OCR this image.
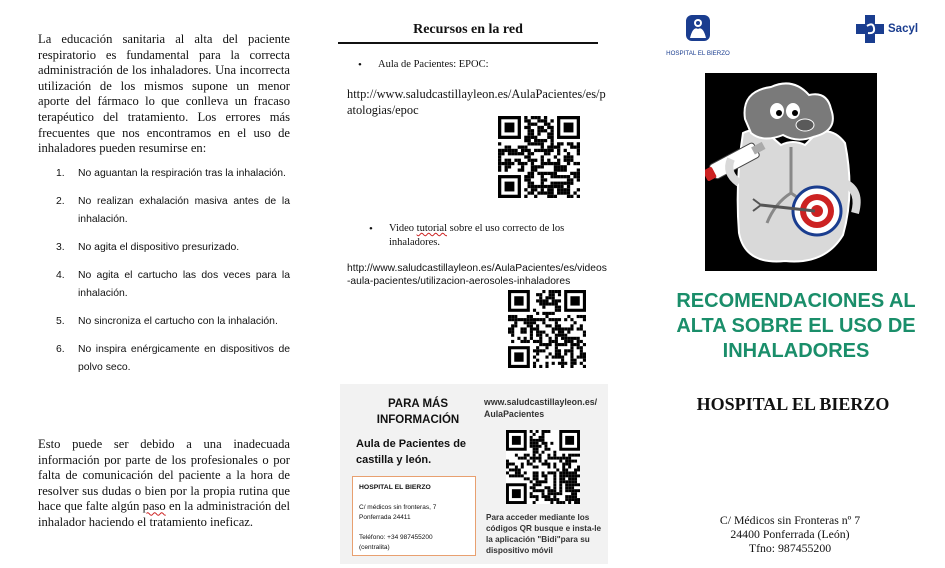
La educación sanitaria al alta del paciente respiratorio es fundamental para la correcta administración de los inhaladores. Una incorrecta utilización de los mismos supone un menor aporte del fármaco lo que conlleva un fracaso terapéutico del tratamiento. Los errores más frecuentes que nos encontramos en el uso de inhaladores pueden resumirse en:

1.	No aguantan la respiración tras la inhalación.
2.	No realizan exhalación masiva antes de la inhalación.
3.	No agita el dispositivo presurizado.
4.	No agita el cartucho las dos veces para la inhalación.
5.	No sincroniza el cartucho con la inhalación.
6.	No inspira enérgicamente en dispositivos de polvo seco.

Esto puede ser debido a una inadecuada información por parte de los profesionales o por falta de comunicación del paciente a la hora de resolver sus dudas o bien por la propia rutina que hace que falte algún paso en la administración del inhalador haciendo el tratamiento ineficaz.

Recursos en la red
• Aula de Pacientes: EPOC:
http://www.saludcastillayleon.es/AulaPacientes/es/patologias/epoc
• Video tutorial sobre el uso correcto de los inhaladores.
http://www.saludcastillayleon.es/AulaPacientes/es/videos-aula-pacientes/utilizacion-aerosoles-inhaladores
PARA MÁS
INFORMACIÓN
Aula de Pacientes de castilla y león.
HOSPITAL EL BIERZO
C/ médicos sin fronteras, 7
Ponferrada 24411
Teléfono: +34 987455200
(centralita)
www.saludcastillayleon.es/
AulaPacientes
Para acceder mediante los códigos QR busque e insta-le la aplicación "Bidi"para su dispositivo móvil
HOSPITAL EL BIERZO
Sacyl
RECOMENDACIONES AL
ALTA SOBRE EL USO DE
INHALADORES
HOSPITAL EL BIERZO
C/ Médicos sin Fronteras nº 7
24400 Ponferrada (León)
Tfno: 987455200
